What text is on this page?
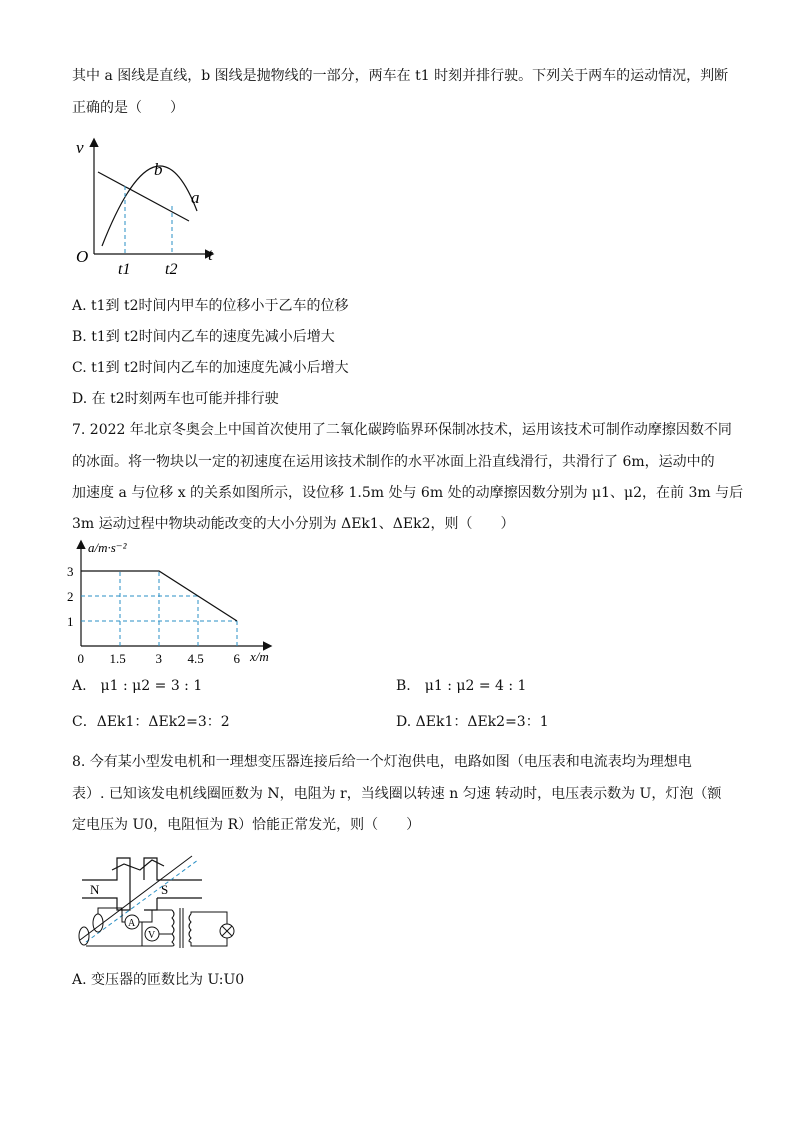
其中 a 图线是直线，b 图线是抛物线的一部分，两车在 t1 时刻并排行驶。下列关于两车的运动情况，判断
正确的是（　　）
v
t
O
b
a
t1 t2
A. t1到 t2时间内甲车的位移小于乙车的位移
B. t1到 t2时间内乙车的速度先减小后增大
C. t1到 t2时间内乙车的加速度先减小后增大
D. 在 t2时刻两车也可能并排行驶
7. 2022 年北京冬奥会上中国首次使用了二氧化碳跨临界环保制冰技术，运用该技术可制作动摩擦因数不同
的冰面。将一物块以一定的初速度在运用该技术制作的水平冰面上沿直线滑行，共滑行了 6m，运动中的
加速度 a 与位移 x 的关系如图所示，设位移 1.5m 处与 6m 处的动摩擦因数分别为 μ1、μ2，在前 3m 与后
3m 运动过程中物块动能改变的大小分别为 ΔEk1、ΔEk2，则（　　）
1
2
3
0 1.5 3 4.5 6
a/m·s⁻²
x/m
A.　μ1 : μ2 = 3 : 1	B.　μ1 : μ2 = 4 : 1
C．ΔEk1：ΔEk2=3：2	D. ΔEk1：ΔEk2=3：1
8. 今有某小型发电机和一理想变压器连接后给一个灯泡供电，电路如图（电压表和电流表均为理想电
表）. 已知该发电机线圈匝数为 N，电阻为 r，当线圈以转速 n 匀速 转动时，电压表示数为 U，灯泡（额
定电压为 U0，电阻恒为 R）恰能正常发光，则（　　）
N	S
A
V
A. 变压器的匝数比为 U:U0
